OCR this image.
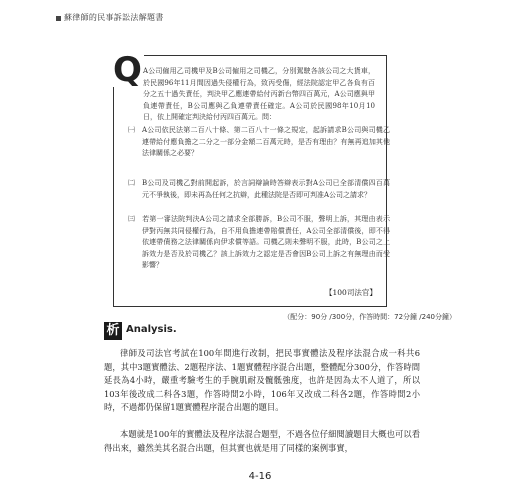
蘇律師的民事訴訟法解題書
Q A公司僱用乙司機甲及B公司僱用之司機乙，分別駕駛各該公司之大貨車，於民國96年11月間因過失侵權行為，致丙受傷，經法院認定甲乙各負有百分之五十過失責任，判決甲乙應連帶給付丙新台幣四百萬元，A公司應與甲負連帶責任，B公司應與乙負連帶責任確定。A公司於民國98年10月10日，依上開確定判決給付丙四百萬元。問：
㈠ A公司依民法第二百八十條、第二百八十一條之規定，起訴請求B公司與司機乙連帶給付應負擔之二分之一部分金額二百萬元時，是否有理由？有無再追加其他法律關係之必要？
㈡ B公司及司機乙對前開起訴，於言詞辯論時答辯表示對A公司已全部清償四百萬元不爭執後，即未再為任何之抗辯，此種法院是否即可判准A公司之請求？
㈢ 若第一審法院判決A公司之請求全部勝訴，B公司不服，聲明上訴，其理由表示伊對丙無共同侵權行為，自不用負擔連帶賠償責任，A公司全部清償後，即不得依連帶債務之法律關係向伊求償等語。司機乙則未聲明不服，此時，B公司之上訴效力是否及於司機乙？該上訴效力之認定是否會因B公司上訴之有無理由而受影響？
【100司法官】
（配分：90分 /300分，作答時間：72分鐘 /240分鐘）
析 Analysis.
律師及司法官考試在100年間進行改制，把民事實體法及程序法混合成一科共6題，其中3題實體法、2題程序法、1題實體程序混合出題，整體配分300分，作答時間延長為4小時，嚴重考驗考生的手腕肌耐及髖骶強度，也許是因為太不人道了，所以103年後改成二科各3題，作答時間2小時，106年又改成二科各2題，作答時間2小時，不過都仍保留1題實體程序混合出題的題目。
本題就是100年的實體法及程序法混合題型，不過各位仔細閱讀題目大概也可以看得出來，雖然美其名混合出題，但其實也就是用了同樣的案例事實，
4-16
